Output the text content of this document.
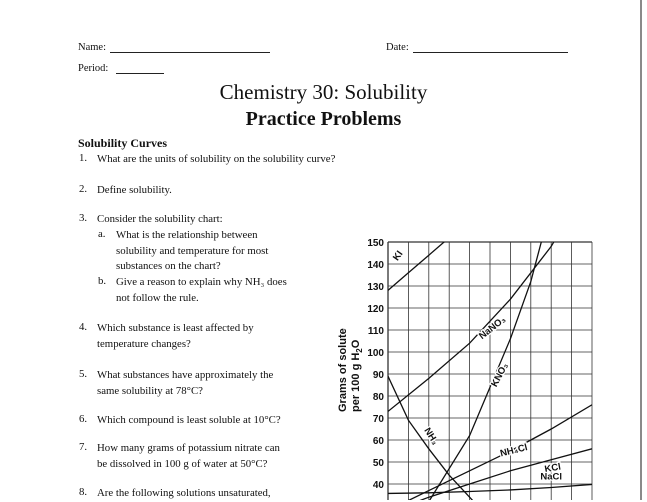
Name:	Date:
Period:
Chemistry 30: Solubility
Practice Problems
Solubility Curves
1. What are the units of solubility on the solubility curve?
2. Define solubility.
3. Consider the solubility chart:
a. What is the relationship between
solubility and temperature for most
substances on the chart?
b. Give a reason to explain why NH₃ does
not follow the rule.
4. Which substance is least affected by
temperature changes?
5. What substances have approximately the
same solubility at 78°C?
6. Which compound is least soluble at 10°C?
7. How many grams of potassium nitrate can
be dissolved in 100 g of water at 50°C?
8. Are the following solutions unsaturated,
Grams of solute per 100 g $H_2O$
150
140
130
120
110
100
90
80
70
60
50
40
KI
NaNO₃
KNO₃
NH₃
NH₄Cl
KCl
NaCl
